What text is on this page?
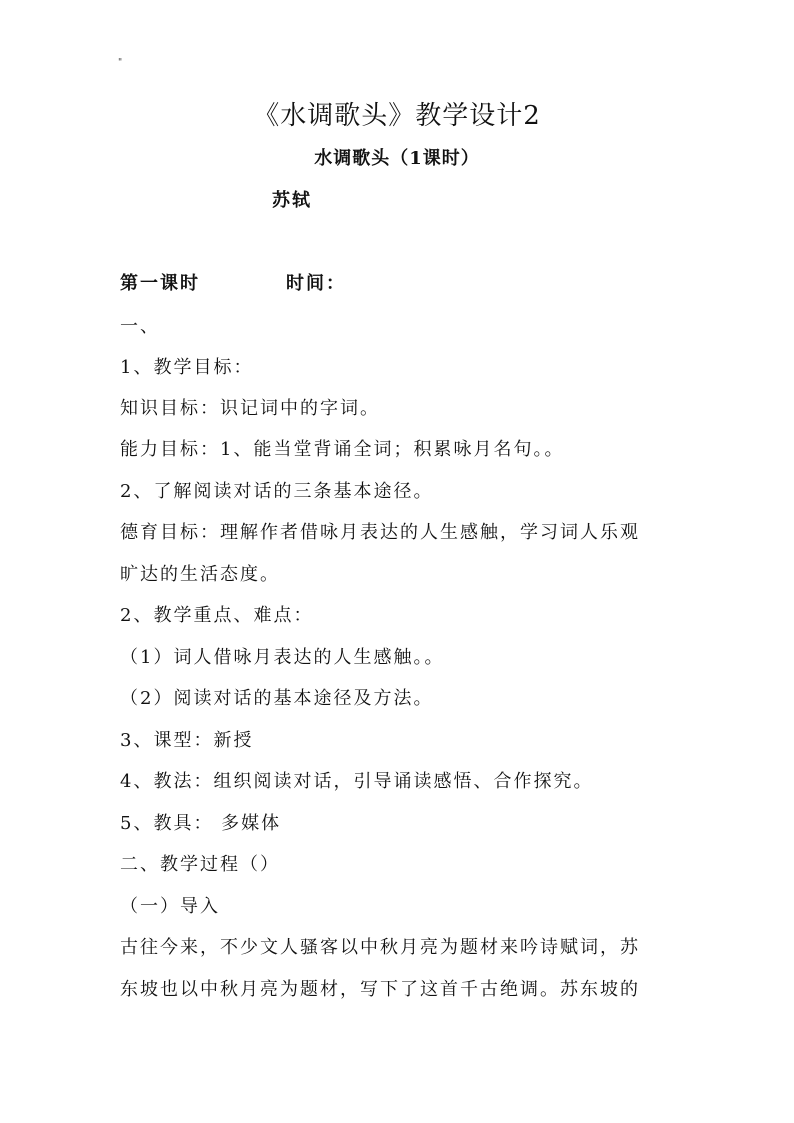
"
《水调歌头》教学设计2
水调歌头（1课时）
苏轼
第一课时	时间：
一、
1、教学目标：
知识目标：识记词中的字词。
能力目标：1、能当堂背诵全词；积累咏月名句。。
2、了解阅读对话的三条基本途径。
德育目标：理解作者借咏月表达的人生感触，学习词人乐观
旷达的生活态度。
2、教学重点、难点：
（1）词人借咏月表达的人生感触。。
（2）阅读对话的基本途径及方法。
3、课型：新授
4、教法：组织阅读对话，引导诵读感悟、合作探究。
5、教具： 多媒体
二、教学过程（）
（一）导入
古往今来，不少文人骚客以中秋月亮为题材来吟诗赋词，苏
东坡也以中秋月亮为题材，写下了这首千古绝调。苏东坡的
